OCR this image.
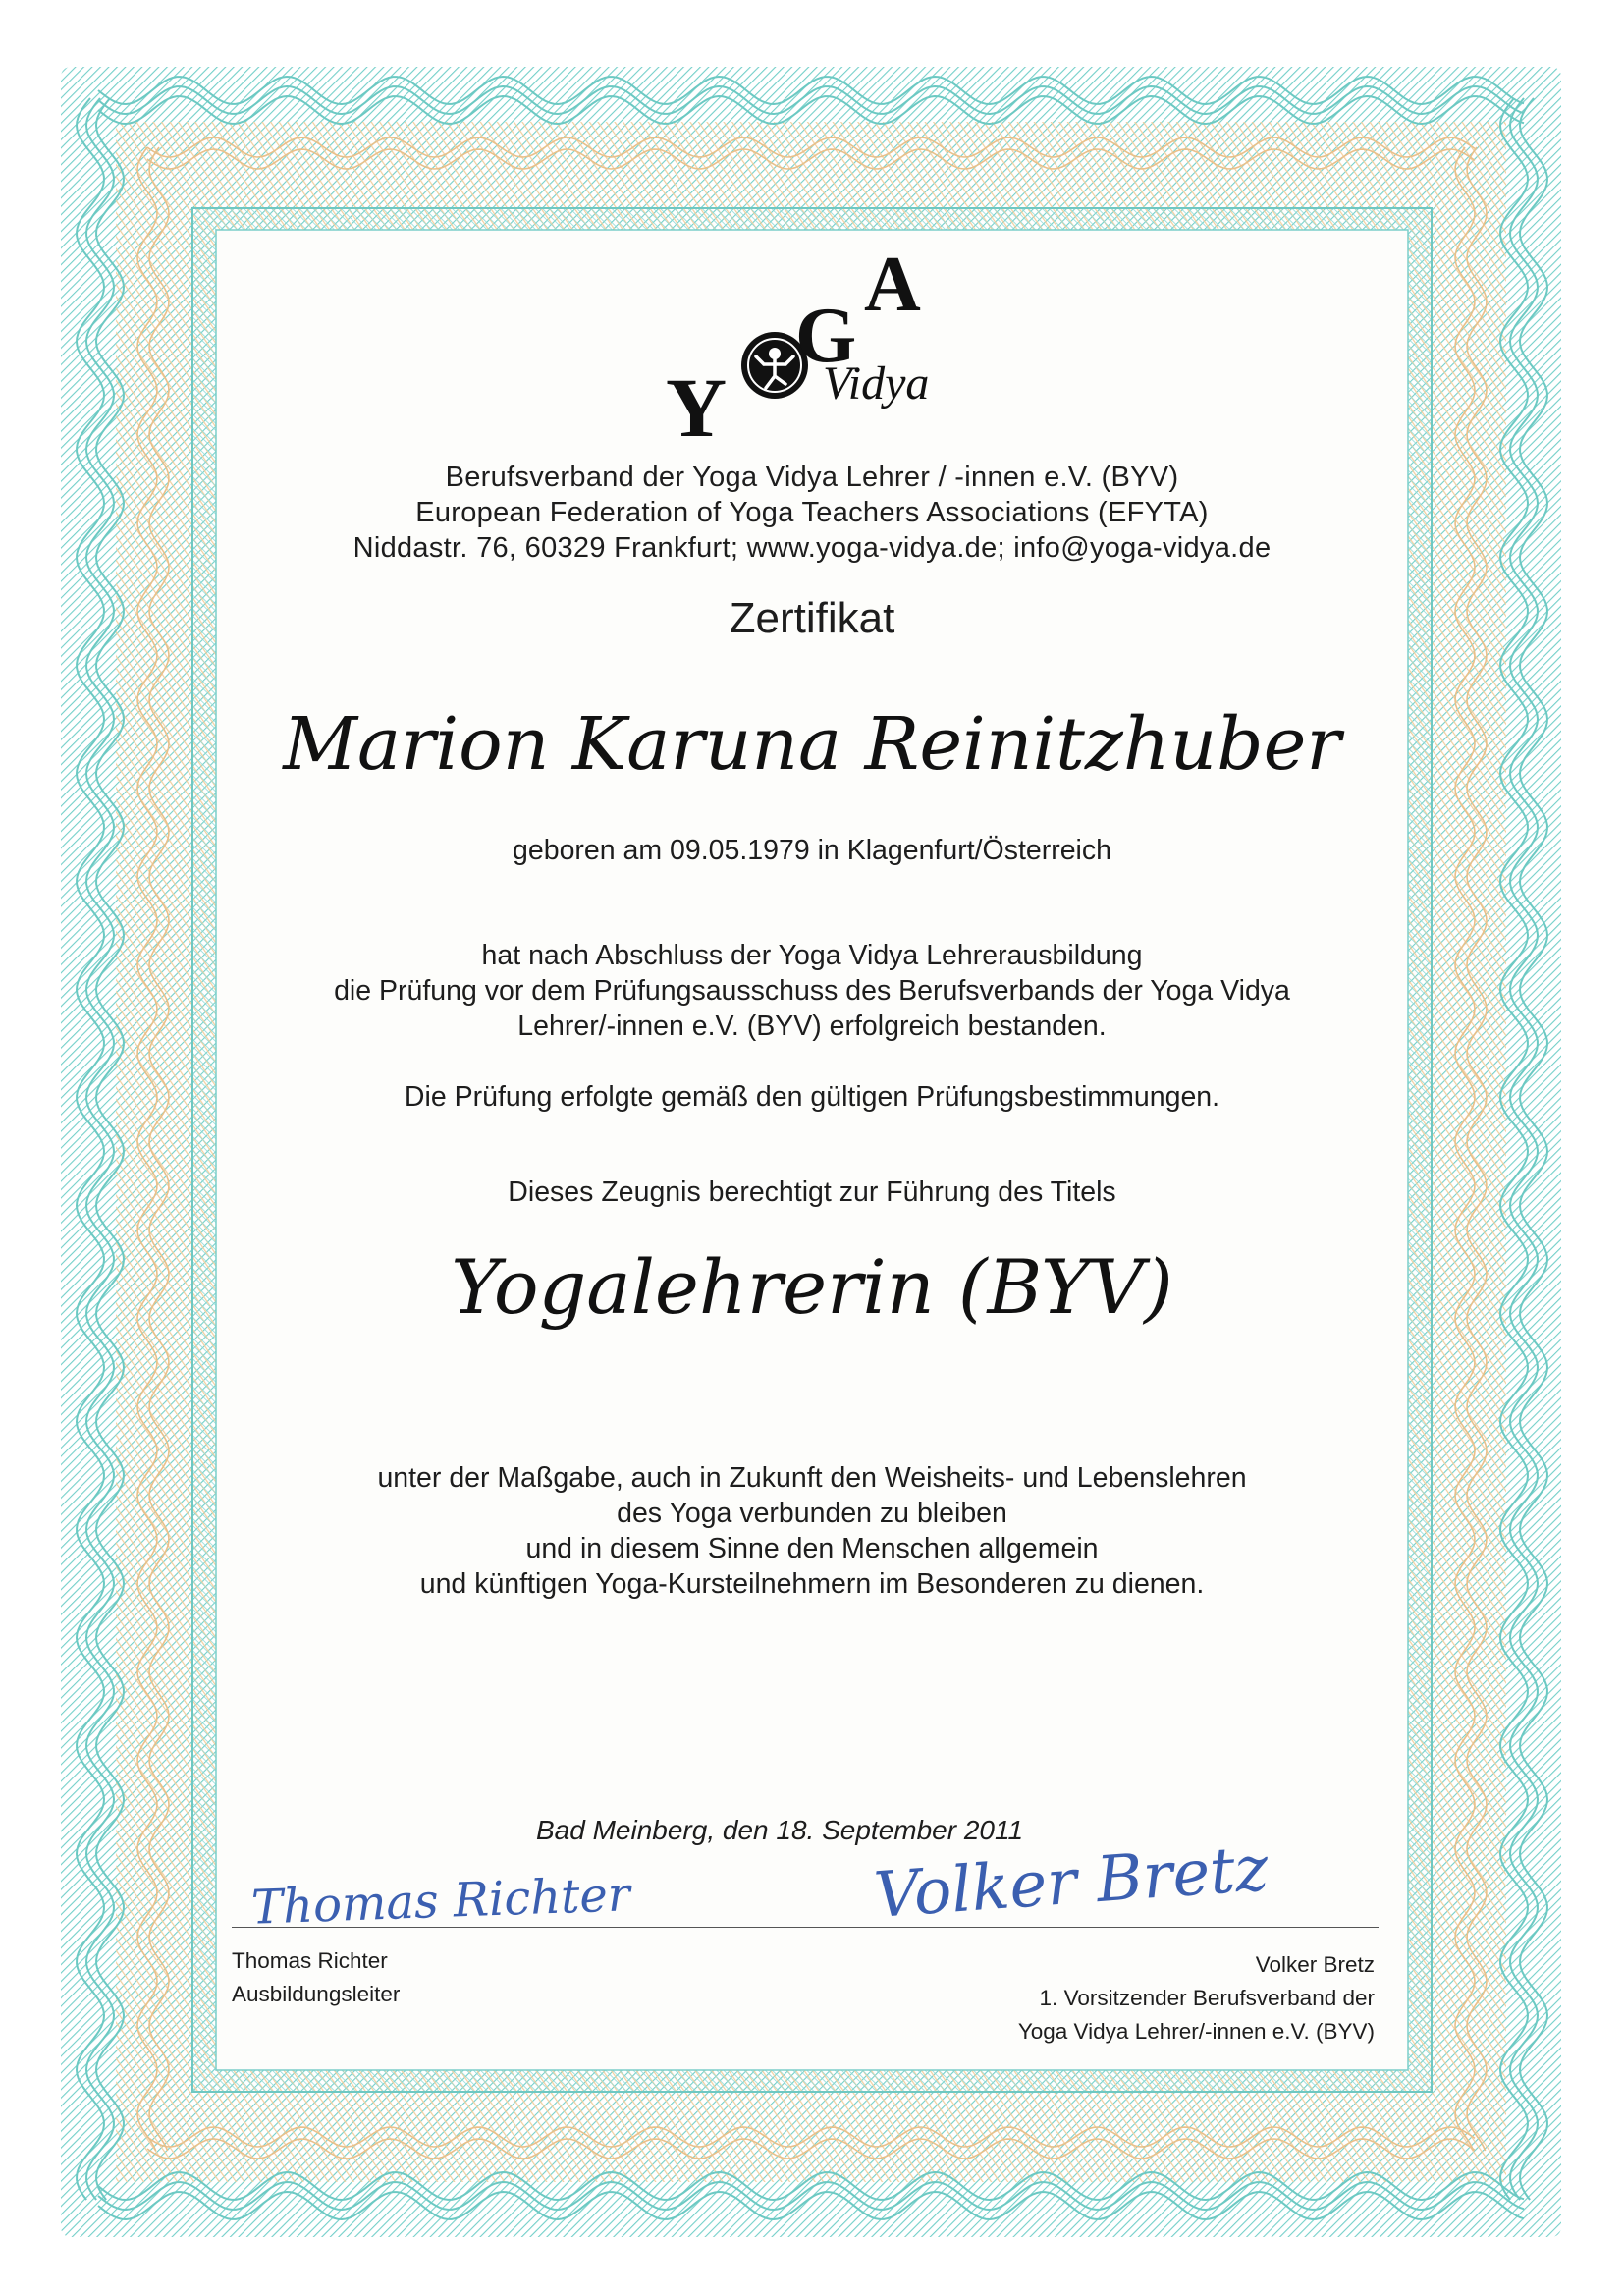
Y
G
A
Vidya
Berufsverband der Yoga Vidya Lehrer / -innen e.V. (BYV)
European Federation of Yoga Teachers Associations (EFYTA)
Niddastr. 76, 60329 Frankfurt; www.yoga-vidya.de; info@yoga-vidya.de
Zertifikat
Marion Karuna Reinitzhuber
geboren am 09.05.1979 in Klagenfurt/Österreich
hat nach Abschluss der Yoga Vidya Lehrerausbildung
die Prüfung vor dem Prüfungsausschuss des Berufsverbands der Yoga Vidya
Lehrer/-innen e.V. (BYV) erfolgreich bestanden.
Die Prüfung erfolgte gemäß den gültigen Prüfungsbestimmungen.
Dieses Zeugnis berechtigt zur Führung des Titels
Yogalehrerin (BYV)
unter der Maßgabe, auch in Zukunft den Weisheits- und Lebenslehren
des Yoga verbunden zu bleiben
und in diesem Sinne den Menschen allgemein
und künftigen Yoga-Kursteilnehmern im Besonderen zu dienen.
Bad Meinberg, den 18. September 2011
Thomas Richter	Volker Bretz
Thomas Richter
Ausbildungsleiter
Volker Bretz
1. Vorsitzender Berufsverband der
Yoga Vidya Lehrer/-innen e.V. (BYV)
